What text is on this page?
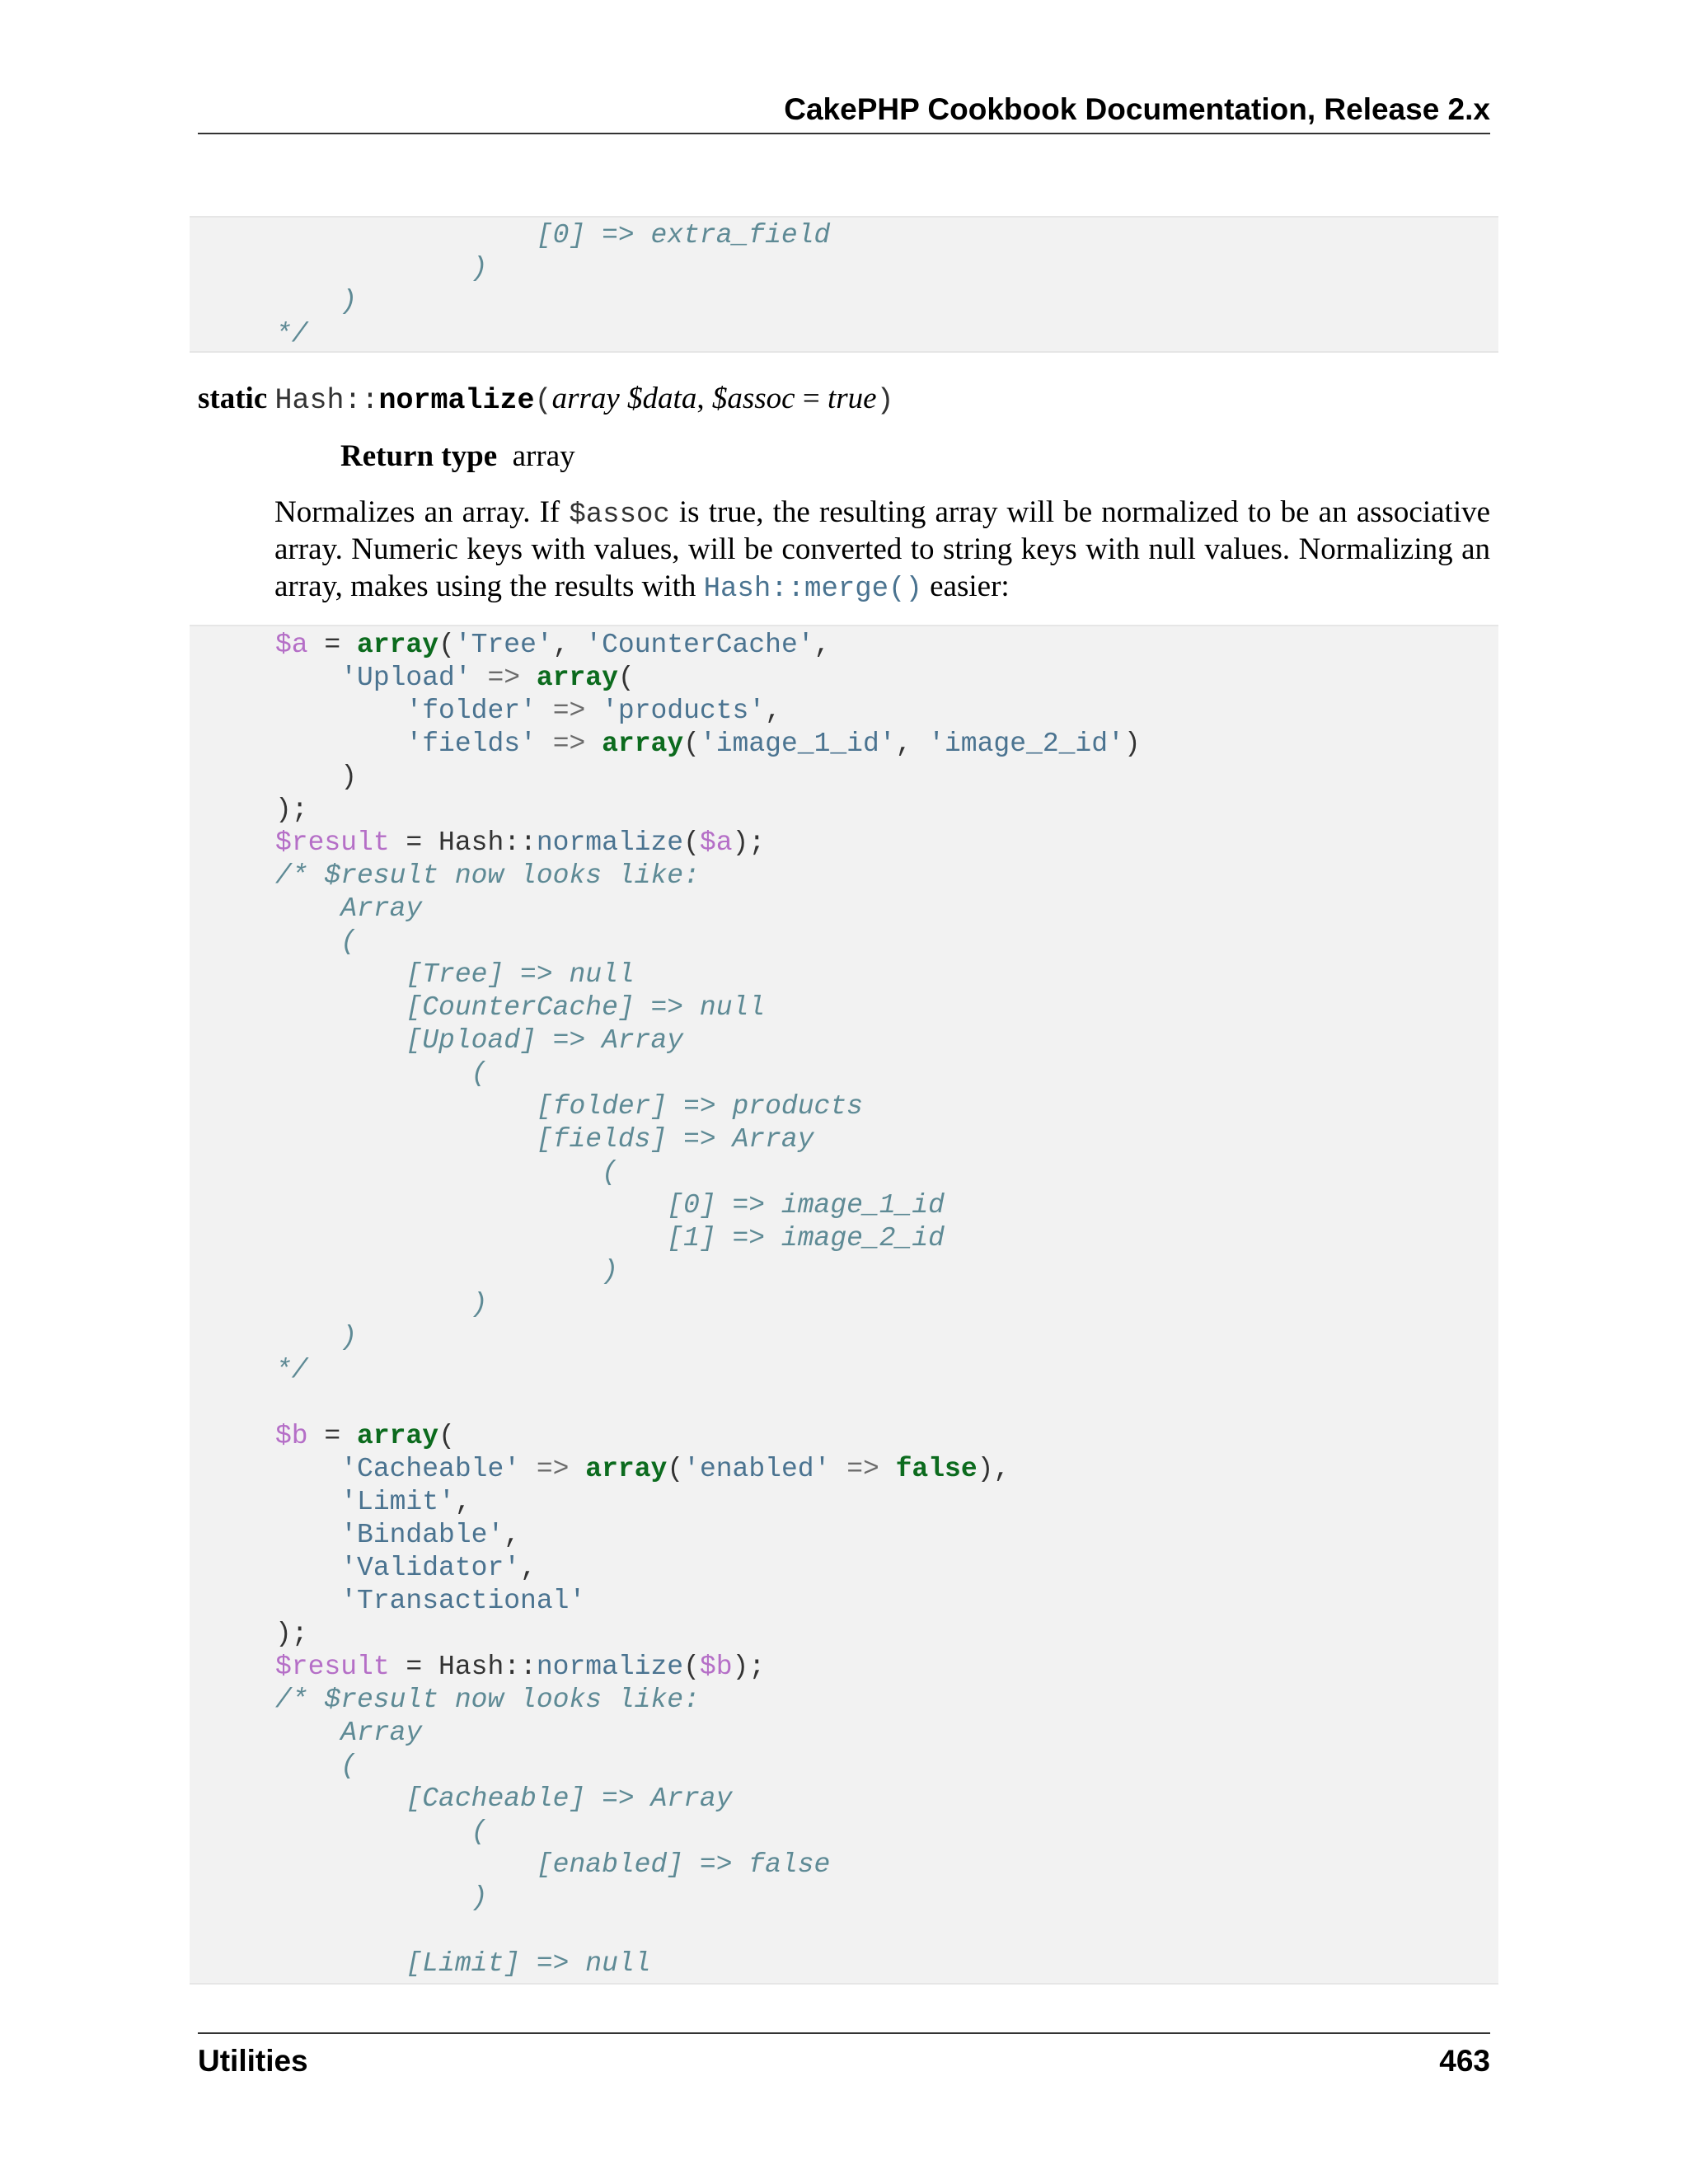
CakePHP Cookbook Documentation, Release 2.x
[0] => extra_field
)
)
*/
static Hash::normalize(array $data, $assoc = true)
Return type array
Normalizes an array. If $assoc is true, the resulting array will be normalized to be an associative
array. Numeric keys with values, will be converted to string keys with null values. Normalizing an
array, makes using the results with Hash::merge() easier:
$a = array('Tree', 'CounterCache',
'Upload' => array(
'folder' => 'products',
'fields' => array('image_1_id', 'image_2_id')
)
);
$result = Hash::normalize($a);
/* $result now looks like:
Array
(
[Tree] => null
[CounterCache] => null
[Upload] => Array
(
[folder] => products
[fields] => Array
(
[0] => image_1_id
[1] => image_2_id
)
)
)
*/
$b = array(
'Cacheable' => array('enabled' => false),
'Limit',
'Bindable',
'Validator',
'Transactional'
);
$result = Hash::normalize($b);
/* $result now looks like:
Array
(
[Cacheable] => Array
(
[enabled] => false
)
[Limit] => null
Utilities	463
